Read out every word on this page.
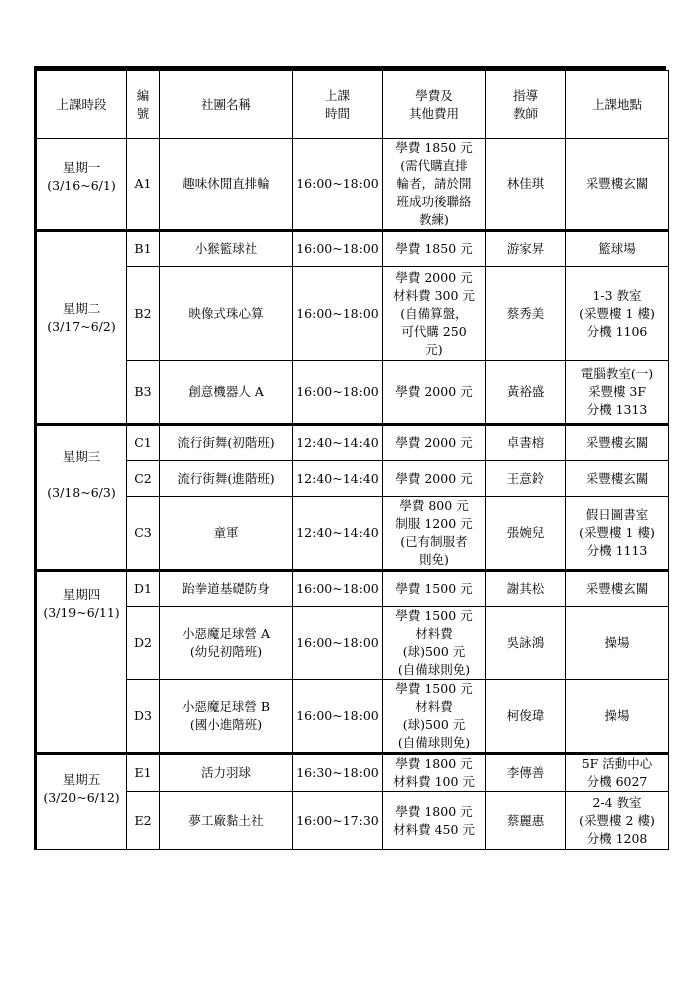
上課時段	編
號	社團名稱	上課
時間	學費及
其他費用	指導
教師	上課地點
星期一
(3/16~6/1)	A1	趣味休閒直排輪	16:00~18:00	學費 1850 元
(需代購直排
輪者，請於開
班成功後聯絡
教練)	林佳琪	采豐樓玄關
星期二
(3/17~6/2)	B1	小猴籃球社	16:00~18:00	學費 1850 元	游家昇	籃球場
	B2	映像式珠心算	16:00~18:00	學費 2000 元
材料費 300 元
(自備算盤，
可代購 250
元)	蔡秀美	1-3 教室
(采豐樓 1 樓)
分機 1106
	B3	創意機器人 A	16:00~18:00	學費 2000 元	黃裕盛	電腦教室(一)
采豐樓 3F
分機 1313
星期三

(3/18~6/3)	C1	流行街舞(初階班)	12:40~14:40	學費 2000 元	卓書榕	采豐樓玄關
	C2	流行街舞(進階班)	12:40~14:40	學費 2000 元	王意鈴	采豐樓玄關
	C3	童軍	12:40~14:40	學費 800 元
制服 1200 元
(已有制服者
則免)	張婉兒	假日圖書室
(采豐樓 1 樓)
分機 1113
星期四
(3/19~6/11)	D1	跆拳道基礎防身	16:00~18:00	學費 1500 元	謝其松	采豐樓玄關
	D2	小惡魔足球營 A
(幼兒初階班)	16:00~18:00	學費 1500 元
材料費
(球)500 元
(自備球則免)	吳詠鴻	操場
	D3	小惡魔足球營 B
(國小進階班)	16:00~18:00	學費 1500 元
材料費
(球)500 元
(自備球則免)	柯俊瑋	操場
星期五
(3/20~6/12)	E1	活力羽球	16:30~18:00	學費 1800 元
材料費 100 元	李傳善	5F 活動中心
分機 6027
	E2	夢工廠黏土社	16:00~17:30	學費 1800 元
材料費 450 元	蔡麗惠	2-4 教室
(采豐樓 2 樓)
分機 1208
